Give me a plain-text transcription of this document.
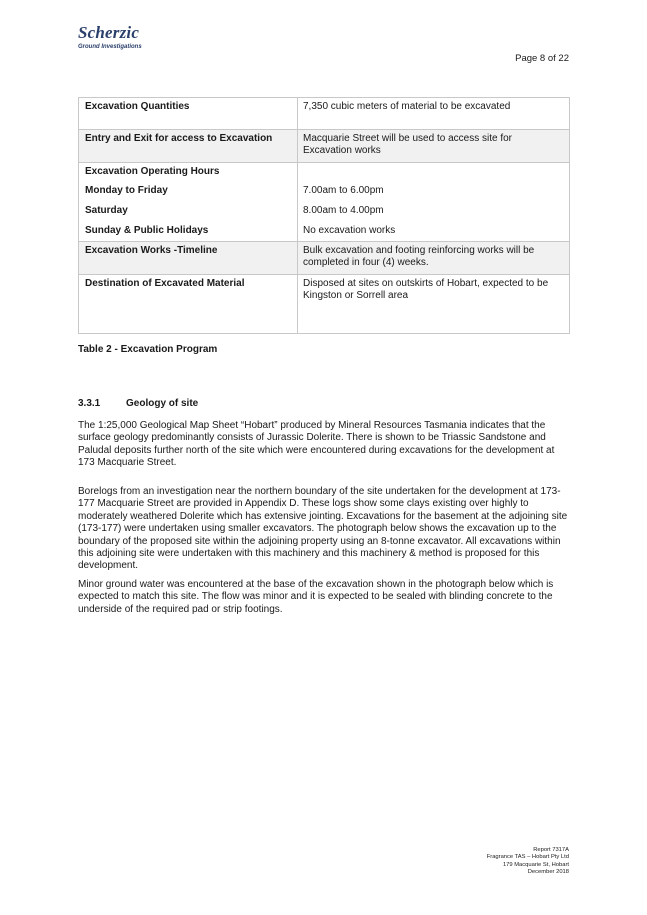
Scherzic
Ground Investigations
Page 8 of 22
Excavation Quantities	7,350 cubic meters of material to be excavated
Entry and Exit for access to Excavation	Macquarie Street will be used to access site for Excavation works
Excavation Operating Hours	
Monday to Friday	7.00am to 6.00pm
Saturday	8.00am to 4.00pm
Sunday & Public Holidays	No excavation works
Excavation Works -Timeline	Bulk excavation and footing reinforcing works will be completed in four (4) weeks.
Destination of Excavated Material	Disposed at sites on outskirts of Hobart, expected to be Kingston or Sorrell area
Table 2 - Excavation Program
3.3.1	Geology of site

The 1:25,000 Geological Map Sheet “Hobart” produced by Mineral Resources Tasmania indicates that the surface geology predominantly consists of Jurassic Dolerite. There is shown to be Triassic Sandstone and Paludal deposits further north of the site which were encountered during excavations for the development at 173 Macquarie Street.

Borelogs from an investigation near the northern boundary of the site undertaken for the development at 173-177 Macquarie Street are provided in Appendix D. These logs show some clays existing over highly to moderately weathered Dolerite which has extensive jointing. Excavations for the basement at the adjoining site (173-177) were undertaken using smaller excavators. The photograph below shows the excavation up to the boundary of the proposed site within the adjoining property using an 8-tonne excavator. All excavations within this adjoining site were undertaken with this machinery and this machinery & method is proposed for this development.

Minor ground water was encountered at the base of the excavation shown in the photograph below which is expected to match this site. The flow was minor and it is expected to be sealed with blinding concrete to the underside of the required pad or strip footings.

Report 7317A
Fragrance TAS – Hobart Pty Ltd
179 Macquarie St, Hobart
December 2018
